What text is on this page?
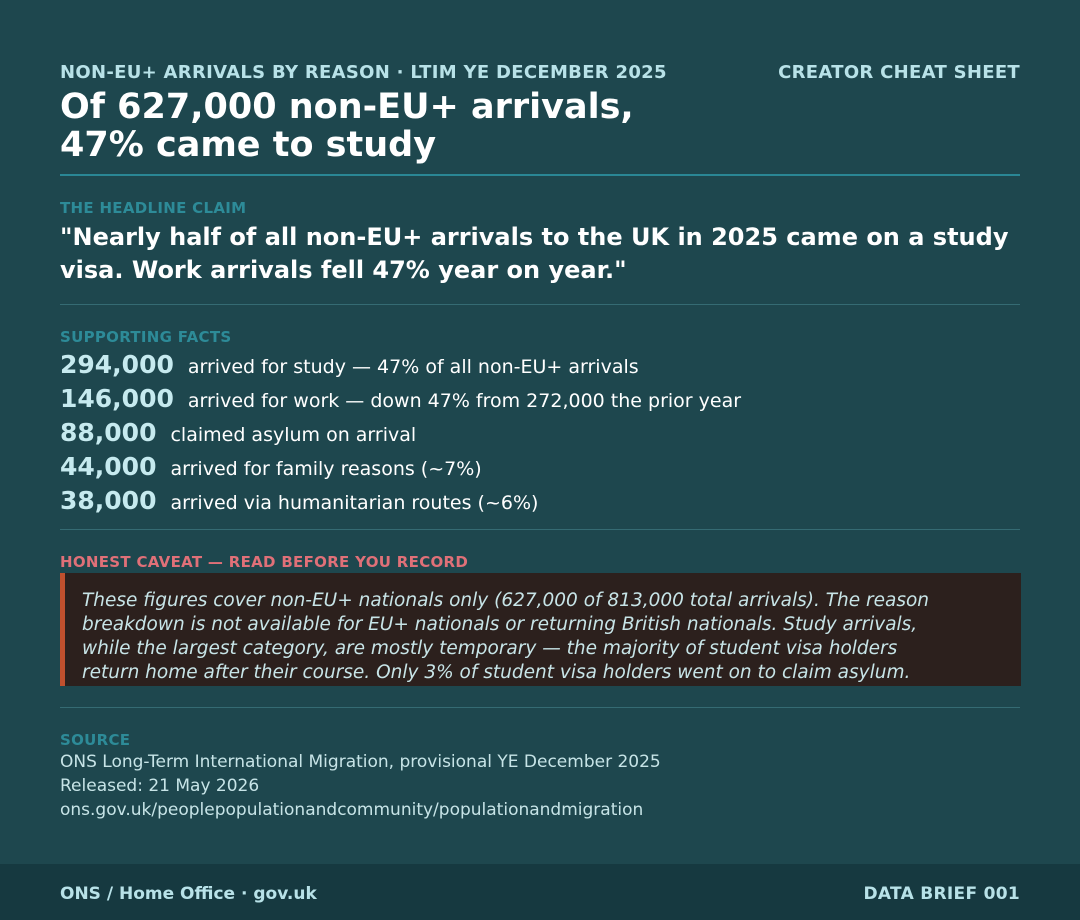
NON-EU+ ARRIVALS BY REASON · LTIM YE DECEMBER 2025	CREATOR CHEAT SHEET
Of 627,000 non-EU+ arrivals,
47% came to study
THE HEADLINE CLAIM
"Nearly half of all non-EU+ arrivals to the UK in 2025 came on a study visa. Work arrivals fell 47% year on year."
SUPPORTING FACTS
294,000 arrived for study — 47% of all non-EU+ arrivals
146,000 arrived for work — down 47% from 272,000 the prior year
88,000 claimed asylum on arrival
44,000 arrived for family reasons (~7%)
38,000 arrived via humanitarian routes (~6%)
HONEST CAVEAT — READ BEFORE YOU RECORD
These figures cover non-EU+ nationals only (627,000 of 813,000 total arrivals). The reason
breakdown is not available for EU+ nationals or returning British nationals. Study arrivals,
while the largest category, are mostly temporary — the majority of student visa holders
return home after their course. Only 3% of student visa holders went on to claim asylum.
SOURCE
ONS Long-Term International Migration, provisional YE December 2025
Released: 21 May 2026
ons.gov.uk/peoplepopulationandcommunity/populationandmigration
ONS / Home Office · gov.uk	DATA BRIEF 001
